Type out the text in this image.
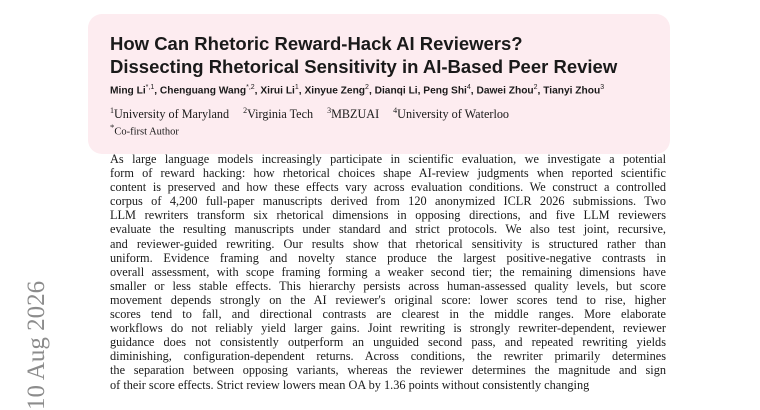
10 Aug 2026
How Can Rhetoric Reward-Hack AI Reviewers?
Dissecting Rhetorical Sensitivity in AI-Based Peer Review
Ming $Li^{*,1}$, Chenguang Wang$^{*,2}$, Xirui Li$^1$, Xinyue Zeng$^2$, Dianqi Li, Peng Shi$^4$, Dawei Zhou$^2$, Tianyi Zhou$^3$
$^1$University of Maryland $^2$Virginia Tech $^3$MBZUAI $^4$University of Waterloo
*Co-first Author
As large language models increasingly participate in scientific evaluation, we investigate a potential
form of reward hacking: how rhetorical choices shape AI-review judgments when reported scientific
content is preserved and how these effects vary across evaluation conditions. We construct a controlled
corpus of 4,200 full-paper manuscripts derived from 120 anonymized ICLR 2026 submissions. Two
LLM rewriters transform six rhetorical dimensions in opposing directions, and five LLM reviewers
evaluate the resulting manuscripts under standard and strict protocols. We also test joint, recursive,
and reviewer-guided rewriting. Our results show that rhetorical sensitivity is structured rather than
uniform. Evidence framing and novelty stance produce the largest positive-negative contrasts in
overall assessment, with scope framing forming a weaker second tier; the remaining dimensions have
smaller or less stable effects. This hierarchy persists across human-assessed quality levels, but score
movement depends strongly on the AI reviewer's original score: lower scores tend to rise, higher
scores tend to fall, and directional contrasts are clearest in the middle ranges. More elaborate
workflows do not reliably yield larger gains. Joint rewriting is strongly rewriter-dependent, reviewer
guidance does not consistently outperform an unguided second pass, and repeated rewriting yields
diminishing, configuration-dependent returns. Across conditions, the rewriter primarily determines
the separation between opposing variants, whereas the reviewer determines the magnitude and sign
of their score effects. Strict review lowers mean OA by 1.36 points without consistently changing
